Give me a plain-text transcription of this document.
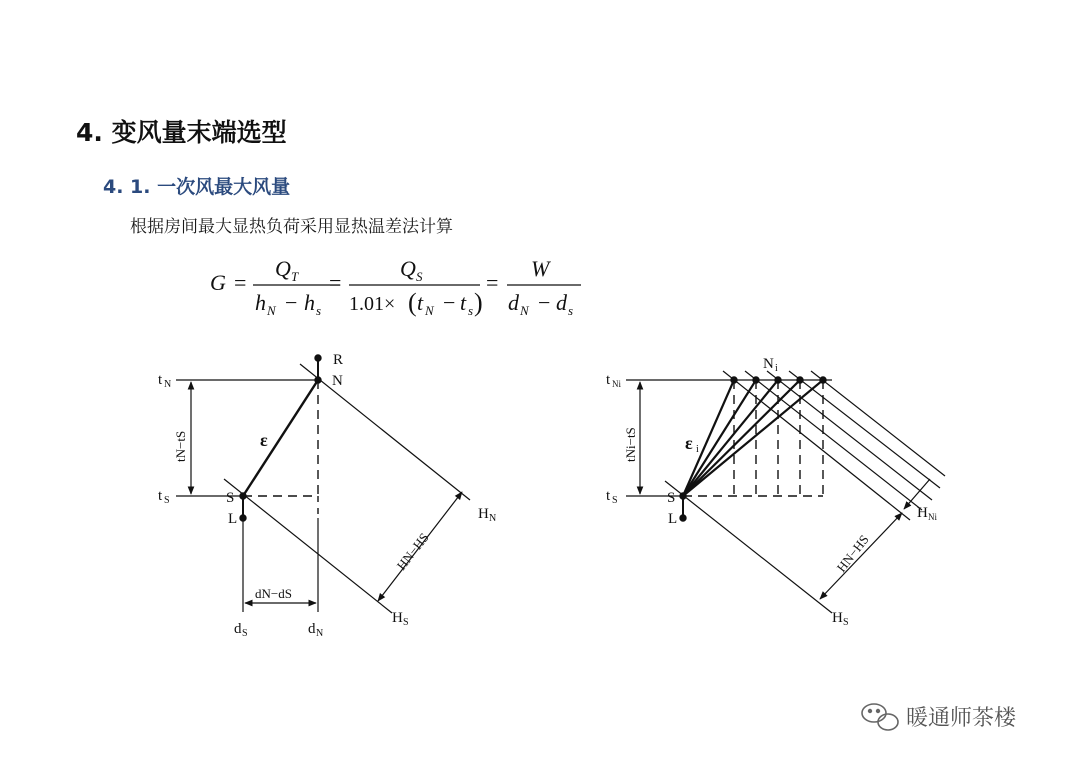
4. 变风量末端选型
4. 1. 一次风最大风量
根据房间最大显热负荷采用显热温差法计算
G =
Q T
h N − h s
=
Q S
1.01× ( t N − t s )
=
W
d N − d s
R
N
S
L
ε
t N
t S
tN−tS
H N
H S
HN−HS
dN−dS
d S	d N
N i
S
L
ε i
t Ni
t S
tNi−tS
H Ni
H S
HN−HS
暖通师茶楼
